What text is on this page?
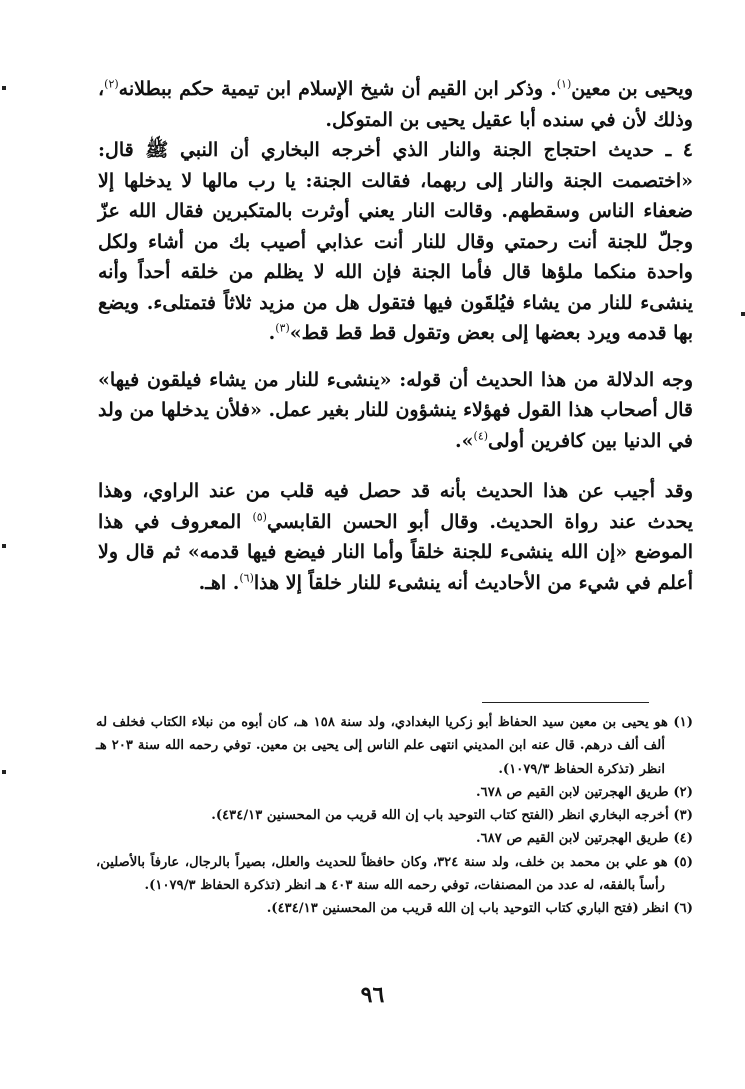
ويحيى بن معين$^{(١)}$. وذكر ابن القيم أن شيخ الإسلام ابن تيمية حكم ببطلانه$^{(٢)}$، وذلك لأن في سنده أبا عقيل يحيى بن المتوكل.

٤ ـ حديث احتجاج الجنة والنار الذي أخرجه البخاري أن النبي ﷺ قال: «اختصمت الجنة والنار إلى ربهما، فقالت الجنة: يا رب مالها لا يدخلها إلا ضعفاء الناس وسقطهم. وقالت النار يعني أوثرت بالمتكبرين فقال الله عزّ وجلّ للجنة أنت رحمتي وقال للنار أنت عذابي أصيب بك من أشاء ولكل واحدة منكما ملؤها قال فأما الجنة فإن الله لا يظلم من خلقه أحداً وأنه ينشىء للنار من يشاء فيُلقَون فيها فتقول هل من مزيد ثلاثاً فتمتلىء. ويضع بها قدمه ويرد بعضها إلى بعض وتقول قط قط قط»$^{(٣)}$.

وجه الدلالة من هذا الحديث أن قوله: «ينشىء للنار من يشاء فيلقون فيها» قال أصحاب هذا القول فهؤلاء ينشؤون للنار بغير عمل. «فلأن يدخلها من ولد في الدنيا بين كافرين أولى$^{(٤)}$».

وقد أجيب عن هذا الحديث بأنه قد حصل فيه قلب من عند الراوي، وهذا يحدث عند رواة الحديث. وقال أبو الحسن القابسي$^{(٥)}$ المعروف في هذا الموضع «إن الله ينشىء للجنة خلقاً وأما النار فيضع فيها قدمه» ثم قال ولا أعلم في شيء من الأحاديث أنه ينشىء للنار خلقاً إلا هذا$^{(٦)}$. اهـ.

(١) هو يحيى بن معين سيد الحفاظ أبو زكريا البغدادي، ولد سنة ١٥٨ هـ، كان أبوه من نبلاء الكتاب فخلف له ألف ألف درهم. قال عنه ابن المديني انتهى علم الناس إلى يحيى بن معين. توفي رحمه الله سنة ٢٠٣ هـ انظر (تذكرة الحفاظ ١٠٧٩/٣).

(٢) طريق الهجرتين لابن القيم ص ٦٧٨.

(٣) أخرجه البخاري انظر (الفتح كتاب التوحيد باب إن الله قريب من المحسنين ٤٣٤/١٣).

(٤) طريق الهجرتين لابن القيم ص ٦٨٧.

(٥) هو علي بن محمد بن خلف، ولد سنة ٣٢٤، وكان حافظاً للحديث والعلل، بصيراً بالرجال، عارفاً بالأصلين، رأساً بالفقه، له عدد من المصنفات، توفي رحمه الله سنة ٤٠٣ هـ انظر (تذكرة الحفاظ ١٠٧٩/٣).

(٦) انظر (فتح الباري كتاب التوحيد باب إن الله قريب من المحسنين ٤٣٤/١٣).

٩٦
